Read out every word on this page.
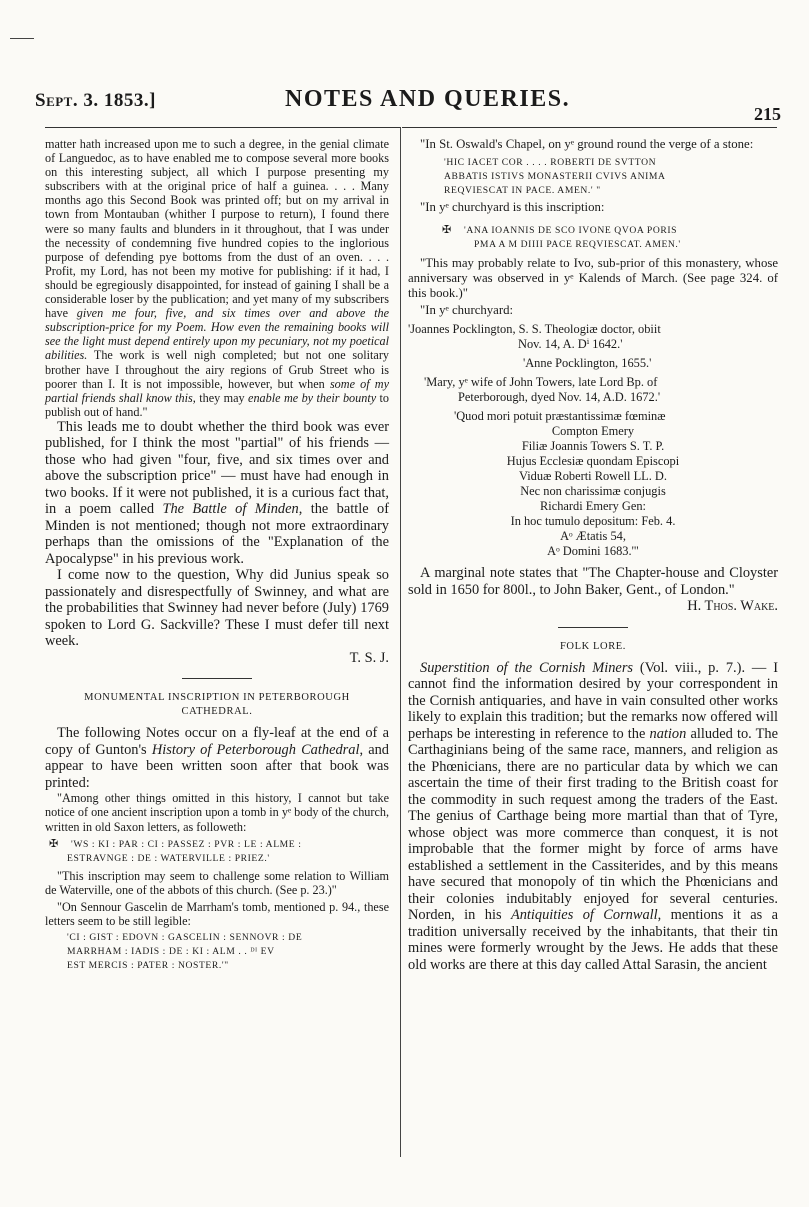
Sept. 3. 1853.]	NOTES AND QUERIES.
215

matter hath increased upon me to such a degree, in the genial climate of Languedoc, as to have enabled me to compose several more books on this interesting subject, all which I purpose presenting my subscribers with at the original price of half a guinea. . . . Many months ago this Second Book was printed off; but on my arrival in town from Montauban (whither I purpose to return), I found there were so many faults and blunders in it throughout, that I was under the necessity of condemning five hundred copies to the inglorious purpose of defending pye bottoms from the dust of an oven. . . . Profit, my Lord, has not been my motive for publishing: if it had, I should be egregiously disappointed, for instead of gaining I shall be a considerable loser by the publication; and yet many of my subscribers have given me four, five, and six times over and above the subscription-price for my Poem. How even the remaining books will see the light must depend entirely upon my pecuniary, not my poetical abilities. The work is well nigh completed; but not one solitary brother have I throughout the airy regions of Grub Street who is poorer than I. It is not impossible, however, but when some of my partial friends shall know this, they may enable me by their bounty to publish out of hand."

This leads me to doubt whether the third book was ever published, for I think the most "partial" of his friends — those who had given "four, five, and six times over and above the subscription price" — must have had enough in two books. If it were not published, it is a curious fact that, in a poem called The Battle of Minden, the battle of Minden is not mentioned; though not more extraordinary perhaps than the omissions of the "Explanation of the Apocalypse" in his previous work.

I come now to the question, Why did Junius speak so passionately and disrespectfully of Swinney, and what are the probabilities that Swinney had never before (July) 1769 spoken to Lord G. Sackville? These I must defer till next week.

T. S. J.

MONUMENTAL INSCRIPTION IN PETERBOROUGH
CATHEDRAL.

The following Notes occur on a fly-leaf at the end of a copy of Gunton's History of Peterborough Cathedral, and appear to have been written soon after that book was printed:

"Among other things omitted in this history, I cannot but take notice of one ancient inscription upon a tomb in yᵉ body of the church, written in old Saxon letters, as followeth:

✠ 'WS : KI : PAR : CI : PASSEZ : PVR : LE : ALME :
ESTRAVNGE : DE : WATERVILLE : PRIEZ.'

"This inscription may seem to challenge some relation to William de Waterville, one of the abbots of this church. (See p. 23.)"

"On Sennour Gascelin de Marrham's tomb, mentioned p. 94., these letters seem to be still legible:

'CI : GIST : EDOVN : GASCELIN : SENNOVR : DE
MARRHAM : IADIS : DE : KI : ALM . . ᴰᴵ EV
EST MERCIS : PATER : NOSTER.'"

"In St. Oswald's Chapel, on yᵉ ground round the verge of a stone:

'HIC IACET COR . . . . ROBERTI DE SVTTON
ABBATIS ISTIVS MONASTERII CVIVS ANIMA
REQVIESCAT IN PACE. AMEN.' "

"In yᵉ churchyard is this inscription:

✠ 'ANA IOANNIS DE SCO IVONE QVOA PORIS
PMA A M DIIII PACE REQVIESCAT. AMEN.'

"This may probably relate to Ivo, sub-prior of this monastery, whose anniversary was observed in yᵉ Kalends of March. (See page 324. of this book.)"

"In yᵉ churchyard:

'Joannes Pocklington, S. S. Theologiæ doctor, obiit
Nov. 14, A. Dⁱ 1642.'
'Anne Pocklington, 1655.'
'Mary, yᵉ wife of John Towers, late Lord Bp. of
Peterborough, dyed Nov. 14, A.D. 1672.'
'Quod mori potuit præstantissimæ fœminæ
Compton Emery
Filiæ Joannis Towers S. T. P.
Hujus Ecclesiæ quondam Episcopi
Viduæ Roberti Rowell LL. D.
Nec non charissimæ conjugis
Richardi Emery Gen:
In hoc tumulo depositum: Feb. 4.
Aᵒ Ætatis 54,
Aᵒ Domini 1683.'"

A marginal note states that "The Chapter-house and Cloyster sold in 1650 for 800l., to John Baker, Gent., of London."

H. Thos. Wake.

FOLK LORE.

Superstition of the Cornish Miners (Vol. viii., p. 7.). — I cannot find the information desired by your correspondent in the Cornish antiquaries, and have in vain consulted other works likely to explain this tradition; but the remarks now offered will perhaps be interesting in reference to the nation alluded to. The Carthaginians being of the same race, manners, and religion as the Phœnicians, there are no particular data by which we can ascertain the time of their first trading to the British coast for the commodity in such request among the traders of the East. The genius of Carthage being more martial than that of Tyre, whose object was more commerce than conquest, it is not improbable that the former might by force of arms have established a settlement in the Cassiterides, and by this means have secured that monopoly of tin which the Phœnicians and their colonies indubitably enjoyed for several centuries. Norden, in his Antiquities of Cornwall, mentions it as a tradition universally received by the inhabitants, that their tin mines were formerly wrought by the Jews. He adds that these old works are there at this day called Attal Sarasin, the ancient
